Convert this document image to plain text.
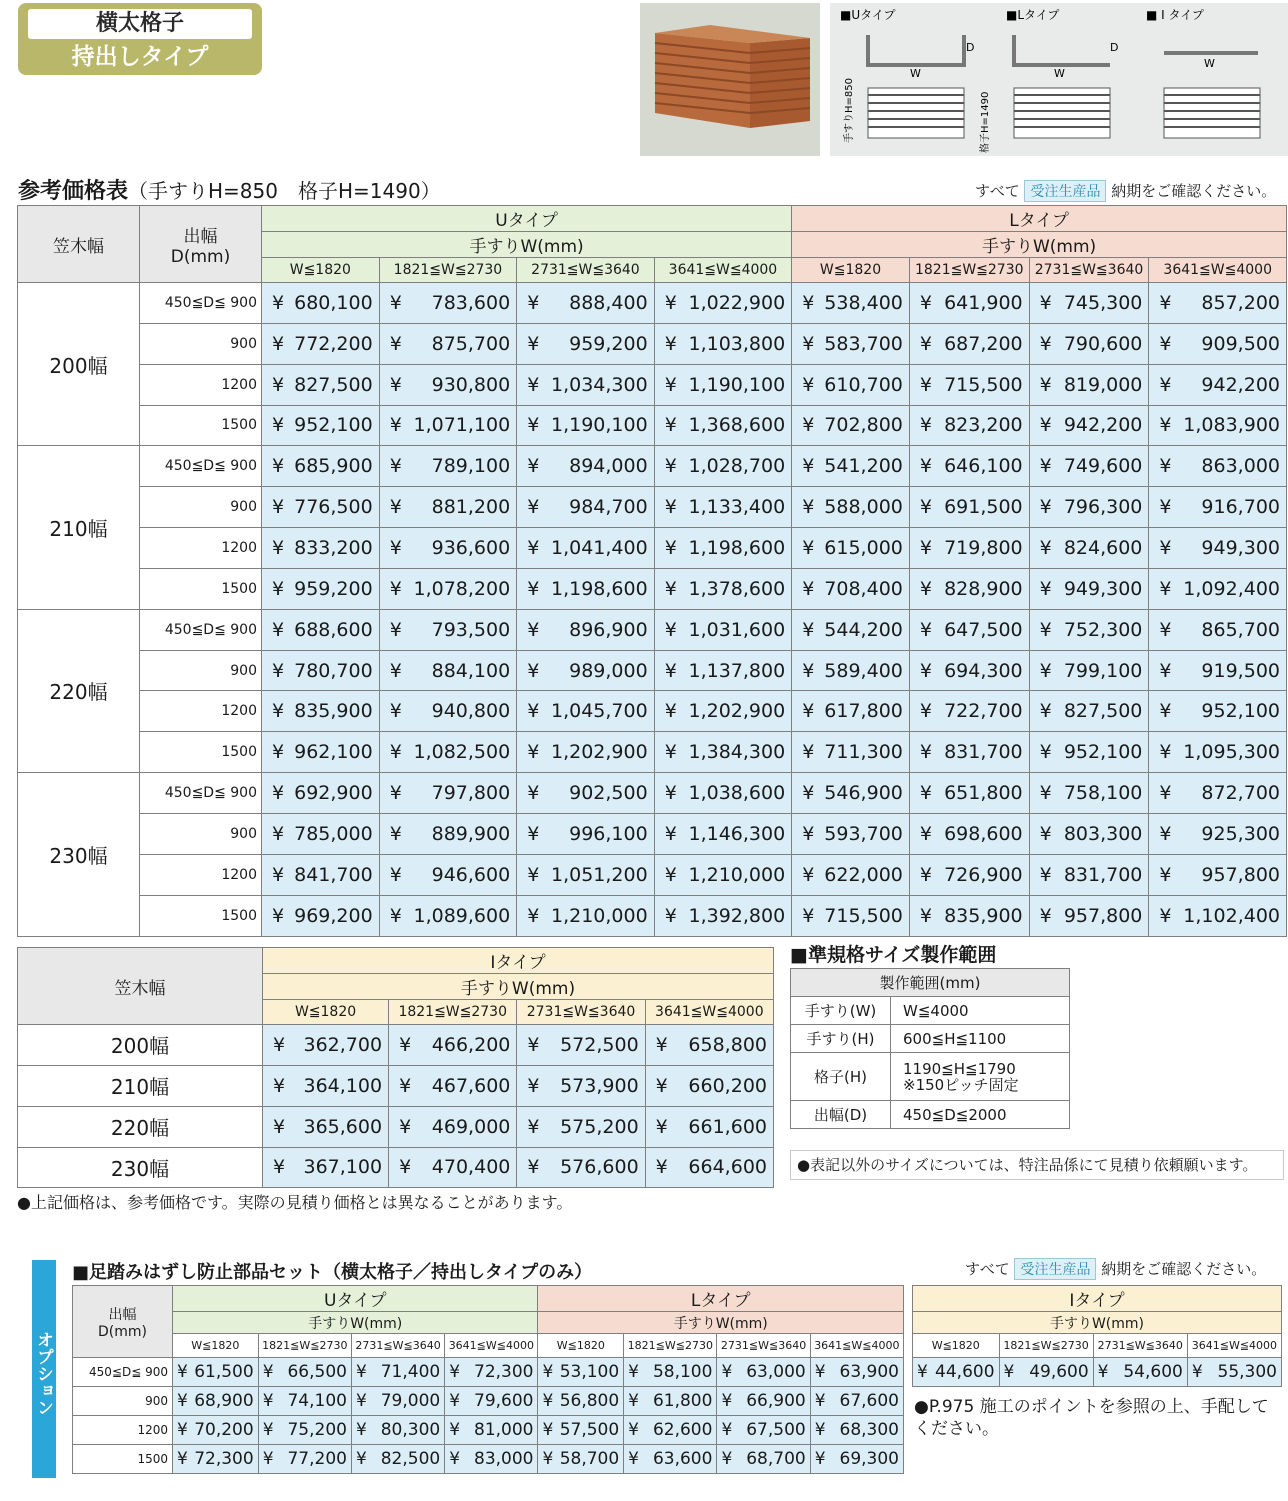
横太格子
持出しタイプ
■Uタイプ	■Lタイプ	■ I タイプ
W
D
W
D
W
手すりH=850	格子H=1490
参考価格表（手すりH=850　格子H=1490）	すべて 受注生産品 納期をご確認ください。
笠木幅	出幅
D(mm)	Uタイプ				Lタイプ			
		手すりW(mm)				手すりW(mm)			
		W≦1820	1821≦W≦2730	2731≦W≦3640	3641≦W≦4000	W≦1820	1821≦W≦2730	2731≦W≦3640	3641≦W≦4000
200幅	450≦D≦ 900	¥ 680,100	¥ 783,600	¥ 888,400	¥ 1,022,900	¥ 538,400	¥ 641,900	¥ 745,300	¥ 857,200

	900	¥ 772,200	¥ 875,700	¥ 959,200	¥ 1,103,800	¥ 583,700	¥ 687,200	¥ 790,600	¥ 909,500

	1200	¥ 827,500	¥ 930,800	¥ 1,034,300	¥ 1,190,100	¥ 610,700	¥ 715,500	¥ 819,000	¥ 942,200

	1500	¥ 952,100	¥ 1,071,100	¥ 1,190,100	¥ 1,368,600	¥ 702,800	¥ 823,200	¥ 942,200	¥ 1,083,900

210幅	450≦D≦ 900	¥ 685,900	¥ 789,100	¥ 894,000	¥ 1,028,700	¥ 541,200	¥ 646,100	¥ 749,600	¥ 863,000

	900	¥ 776,500	¥ 881,200	¥ 984,700	¥ 1,133,400	¥ 588,000	¥ 691,500	¥ 796,300	¥ 916,700

	1200	¥ 833,200	¥ 936,600	¥ 1,041,400	¥ 1,198,600	¥ 615,000	¥ 719,800	¥ 824,600	¥ 949,300

	1500	¥ 959,200	¥ 1,078,200	¥ 1,198,600	¥ 1,378,600	¥ 708,400	¥ 828,900	¥ 949,300	¥ 1,092,400

220幅	450≦D≦ 900	¥ 688,600	¥ 793,500	¥ 896,900	¥ 1,031,600	¥ 544,200	¥ 647,500	¥ 752,300	¥ 865,700

	900	¥ 780,700	¥ 884,100	¥ 989,000	¥ 1,137,800	¥ 589,400	¥ 694,300	¥ 799,100	¥ 919,500

	1200	¥ 835,900	¥ 940,800	¥ 1,045,700	¥ 1,202,900	¥ 617,800	¥ 722,700	¥ 827,500	¥ 952,100

	1500	¥ 962,100	¥ 1,082,500	¥ 1,202,900	¥ 1,384,300	¥ 711,300	¥ 831,700	¥ 952,100	¥ 1,095,300

230幅	450≦D≦ 900	¥ 692,900	¥ 797,800	¥ 902,500	¥ 1,038,600	¥ 546,900	¥ 651,800	¥ 758,100	¥ 872,700

	900	¥ 785,000	¥ 889,900	¥ 996,100	¥ 1,146,300	¥ 593,700	¥ 698,600	¥ 803,300	¥ 925,300

	1200	¥ 841,700	¥ 946,600	¥ 1,051,200	¥ 1,210,000	¥ 622,000	¥ 726,900	¥ 831,700	¥ 957,800

	1500	¥ 969,200	¥ 1,089,600	¥ 1,210,000	¥ 1,392,800	¥ 715,500	¥ 835,900	¥ 957,800	¥ 1,102,400
笠木幅	Iタイプ			
	手すりW(mm)			
	W≦1820	1821≦W≦2730	2731≦W≦3640	3641≦W≦4000
200幅	¥ 362,700	¥ 466,200	¥ 572,500	¥ 658,800

210幅	¥ 364,100	¥ 467,600	¥ 573,900	¥ 660,200

220幅	¥ 365,600	¥ 469,000	¥ 575,200	¥ 661,600

230幅	¥ 367,100	¥ 470,400	¥ 576,600	¥ 664,600
■準規格サイズ製作範囲
製作範囲(mm)	
手すり(W)	W≦4000
手すり(H)	600≦H≦1100
格子(H)	1190≦H≦1790
※150ピッチ固定
出幅(D)	450≦D≦2000
●表記以外のサイズについては、特注品係にて見積り依頼願います。
●上記価格は、参考価格です。実際の見積り価格とは異なることがあります。
オプション
■足踏みはずし防止部品セット（横太格子／持出しタイプのみ）	すべて 受注生産品 納期をご確認ください。
出幅
D(mm)	Uタイプ				Lタイプ			
	手すりW(mm)				手すりW(mm)			
	W≦1820	1821≦W≦2730	2731≦W≦3640	3641≦W≦4000	W≦1820	1821≦W≦2730	2731≦W≦3640	3641≦W≦4000
450≦D≦ 900	¥ 61,500	¥ 66,500	¥ 71,400	¥ 72,300	¥ 53,100	¥ 58,100	¥ 63,000	¥ 63,900

900	¥ 68,900	¥ 74,100	¥ 79,000	¥ 79,600	¥ 56,800	¥ 61,800	¥ 66,900	¥ 67,600

1200	¥ 70,200	¥ 75,200	¥ 80,300	¥ 81,000	¥ 57,500	¥ 62,600	¥ 67,500	¥ 68,300

1500	¥ 72,300	¥ 77,200	¥ 82,500	¥ 83,000	¥ 58,700	¥ 63,600	¥ 68,700	¥ 69,300
Iタイプ			
手すりW(mm)			
W≦1820	1821≦W≦2730	2731≦W≦3640	3641≦W≦4000

¥ 44,600	¥ 49,600	¥ 54,600	¥ 55,300
●P.975 施工のポイントを参照の上、手配してください。
